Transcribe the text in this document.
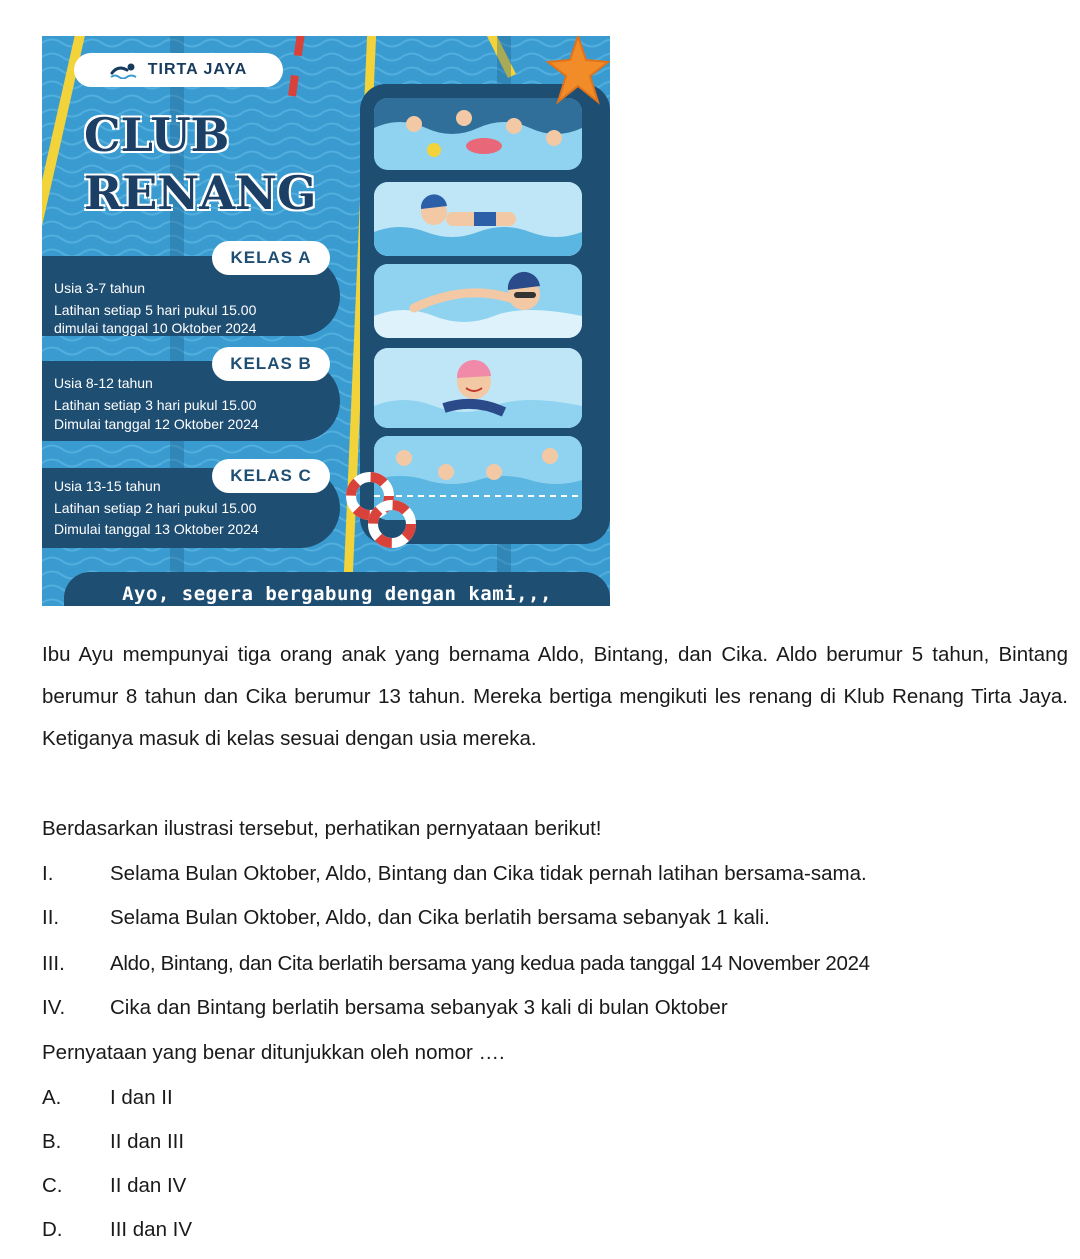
TIRTA JAYA
CLUB
RENANG
Usia 3-7 tahun
Latihan setiap 5 hari pukul 15.00
dimulai tanggal 10 Oktober 2024
KELAS A
Usia 8-12 tahun
Latihan setiap 3 hari pukul 15.00
Dimulai tanggal 12 Oktober 2024
KELAS B
Usia 13-15 tahun
Latihan setiap 2 hari pukul 15.00
Dimulai tanggal 13 Oktober 2024
KELAS C
Ayo, segera bergabung dengan kami,,,
Ibu Ayu mempunyai tiga orang anak yang bernama Aldo, Bintang, dan Cika. Aldo berumur 5 tahun, Bintang berumur 8 tahun dan Cika berumur 13 tahun. Mereka bertiga mengikuti les renang di Klub Renang Tirta Jaya. Ketiganya masuk di kelas sesuai dengan usia mereka.
Berdasarkan ilustrasi tersebut, perhatikan pernyataan berikut!
I.	Selama Bulan Oktober, Aldo, Bintang dan Cika tidak pernah latihan bersama-sama.
II. Selama Bulan Oktober, Aldo, dan Cika berlatih bersama sebanyak 1 kali.
III. Aldo, Bintang, dan Cita berlatih bersama yang kedua pada tanggal 14 November 2024
IV. Cika dan Bintang berlatih bersama sebanyak 3 kali di bulan Oktober
Pernyataan yang benar ditunjukkan oleh nomor ….
A. I dan II
B. II dan III
C. II dan IV
D. III dan IV
